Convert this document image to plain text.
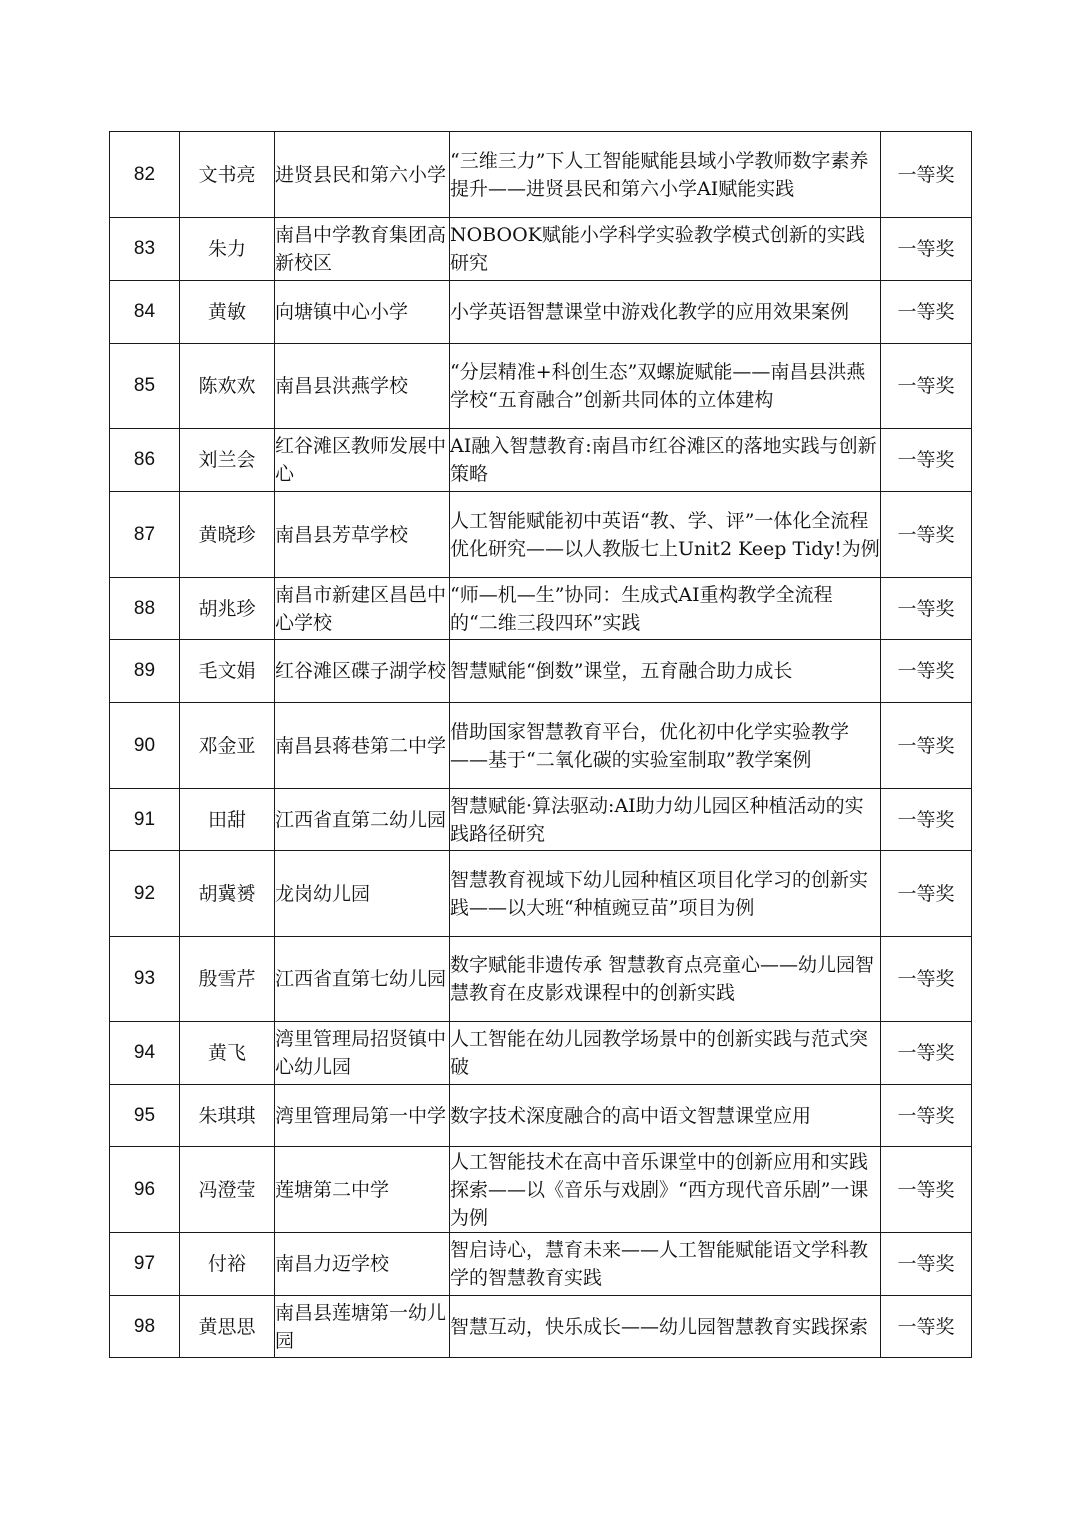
82	文书亮	进贤县民和第六小学	“三维三力”下人工智能赋能县域小学教师数字素养提升——进贤县民和第六小学AI赋能实践	一等奖
83	朱力	南昌中学教育集团高新校区	NOBOOK赋能小学科学实验教学模式创新的实践研究	一等奖
84	黄敏	向塘镇中心小学	小学英语智慧课堂中游戏化教学的应用效果案例	一等奖
85	陈欢欢	南昌县洪燕学校	“分层精准+科创生态”双螺旋赋能——南昌县洪燕学校“五育融合”创新共同体的立体建构	一等奖
86	刘兰会	红谷滩区教师发展中心	AI融入智慧教育:南昌市红谷滩区的落地实践与创新策略	一等奖
87	黄晓珍	南昌县芳草学校	人工智能赋能初中英语“教、学、评”一体化全流程优化研究——以人教版七上Unit2 Keep Tidy!为例	一等奖
88	胡兆珍	南昌市新建区昌邑中心学校	“师—机—生”协同：生成式AI重构教学全流程的“二维三段四环”实践	一等奖
89	毛文娟	红谷滩区碟子湖学校	智慧赋能“倒数”课堂，五育融合助力成长	一等奖
90	邓金亚	南昌县蒋巷第二中学	借助国家智慧教育平台，优化初中化学实验教学——基于“二氧化碳的实验室制取”教学案例	一等奖
91	田甜	江西省直第二幼儿园	智慧赋能·算法驱动:AI助力幼儿园区种植活动的实践路径研究	一等奖
92	胡冀赟	龙岗幼儿园	智慧教育视域下幼儿园种植区项目化学习的创新实践——以大班“种植豌豆苗”项目为例	一等奖
93	殷雪芹	江西省直第七幼儿园	数字赋能非遗传承 智慧教育点亮童心——幼儿园智慧教育在皮影戏课程中的创新实践	一等奖
94	黄飞	湾里管理局招贤镇中心幼儿园	人工智能在幼儿园教学场景中的创新实践与范式突破	一等奖
95	朱琪琪	湾里管理局第一中学	数字技术深度融合的高中语文智慧课堂应用	一等奖
96	冯澄莹	莲塘第二中学	人工智能技术在高中音乐课堂中的创新应用和实践探索——以《音乐与戏剧》“西方现代音乐剧”一课为例	一等奖
97	付裕	南昌力迈学校	智启诗心，慧育未来——人工智能赋能语文学科教学的智慧教育实践	一等奖
98	黄思思	南昌县莲塘第一幼儿园	智慧互动，快乐成长——幼儿园智慧教育实践探索	一等奖
